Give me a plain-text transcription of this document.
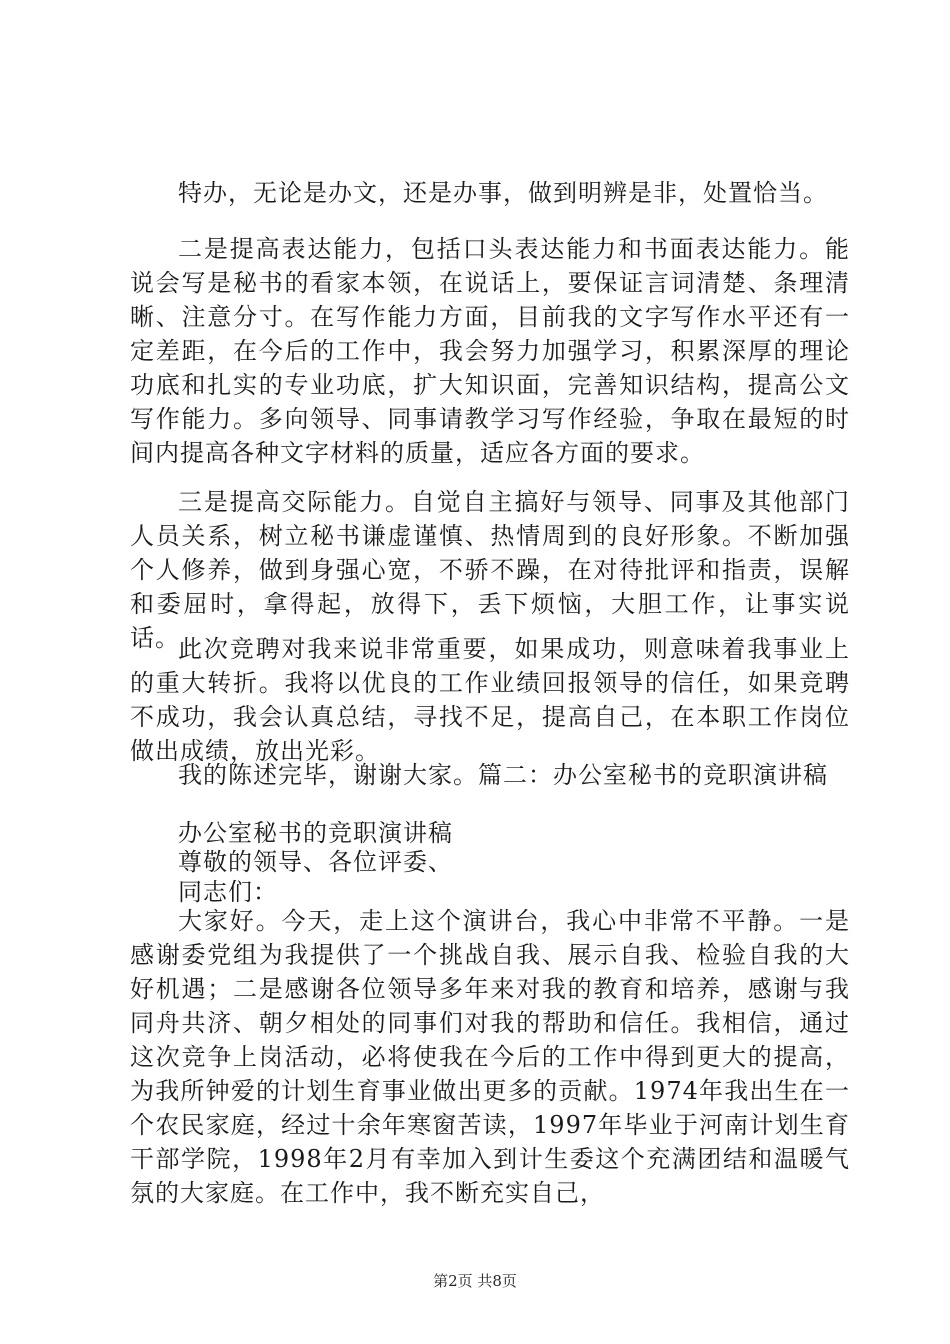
特办，无论是办文，还是办事，做到明辨是非，处置恰当。

二是提高表达能力，包括口头表达能力和书面表达能力。能说会写是秘书的看家本领，在说话上，要保证言词清楚、条理清晰、注意分寸。在写作能力方面，目前我的文字写作水平还有一定差距，在今后的工作中，我会努力加强学习，积累深厚的理论功底和扎实的专业功底，扩大知识面，完善知识结构，提高公文写作能力。多向领导、同事请教学习写作经验，争取在最短的时间内提高各种文字材料的质量，适应各方面的要求。

三是提高交际能力。自觉自主搞好与领导、同事及其他部门人员关系，树立秘书谦虚谨慎、热情周到的良好形象。不断加强个人修养，做到身强心宽，不骄不躁，在对待批评和指责，误解和委屈时，拿得起，放得下，丢下烦恼，大胆工作，让事实说话。

此次竞聘对我来说非常重要，如果成功，则意味着我事业上的重大转折。我将以优良的工作业绩回报领导的信任，如果竞聘不成功，我会认真总结，寻找不足，提高自己，在本职工作岗位做出成绩，放出光彩。

我的陈述完毕，谢谢大家。篇二：办公室秘书的竞职演讲稿

办公室秘书的竞职演讲稿

尊敬的领导、各位评委、

同志们：

大家好。今天，走上这个演讲台，我心中非常不平静。一是感谢委党组为我提供了一个挑战自我、展示自我、检验自我的大好机遇；二是感谢各位领导多年来对我的教育和培养，感谢与我同舟共济、朝夕相处的同事们对我的帮助和信任。我相信，通过这次竞争上岗活动，必将使我在今后的工作中得到更大的提高，为我所钟爱的计划生育事业做出更多的贡献。1974年我出生在一个农民家庭，经过十余年寒窗苦读，1997年毕业于河南计划生育干部学院，1998年2月有幸加入到计生委这个充满团结和温暖气氛的大家庭。在工作中，我不断充实自己，

第2页 共8页
